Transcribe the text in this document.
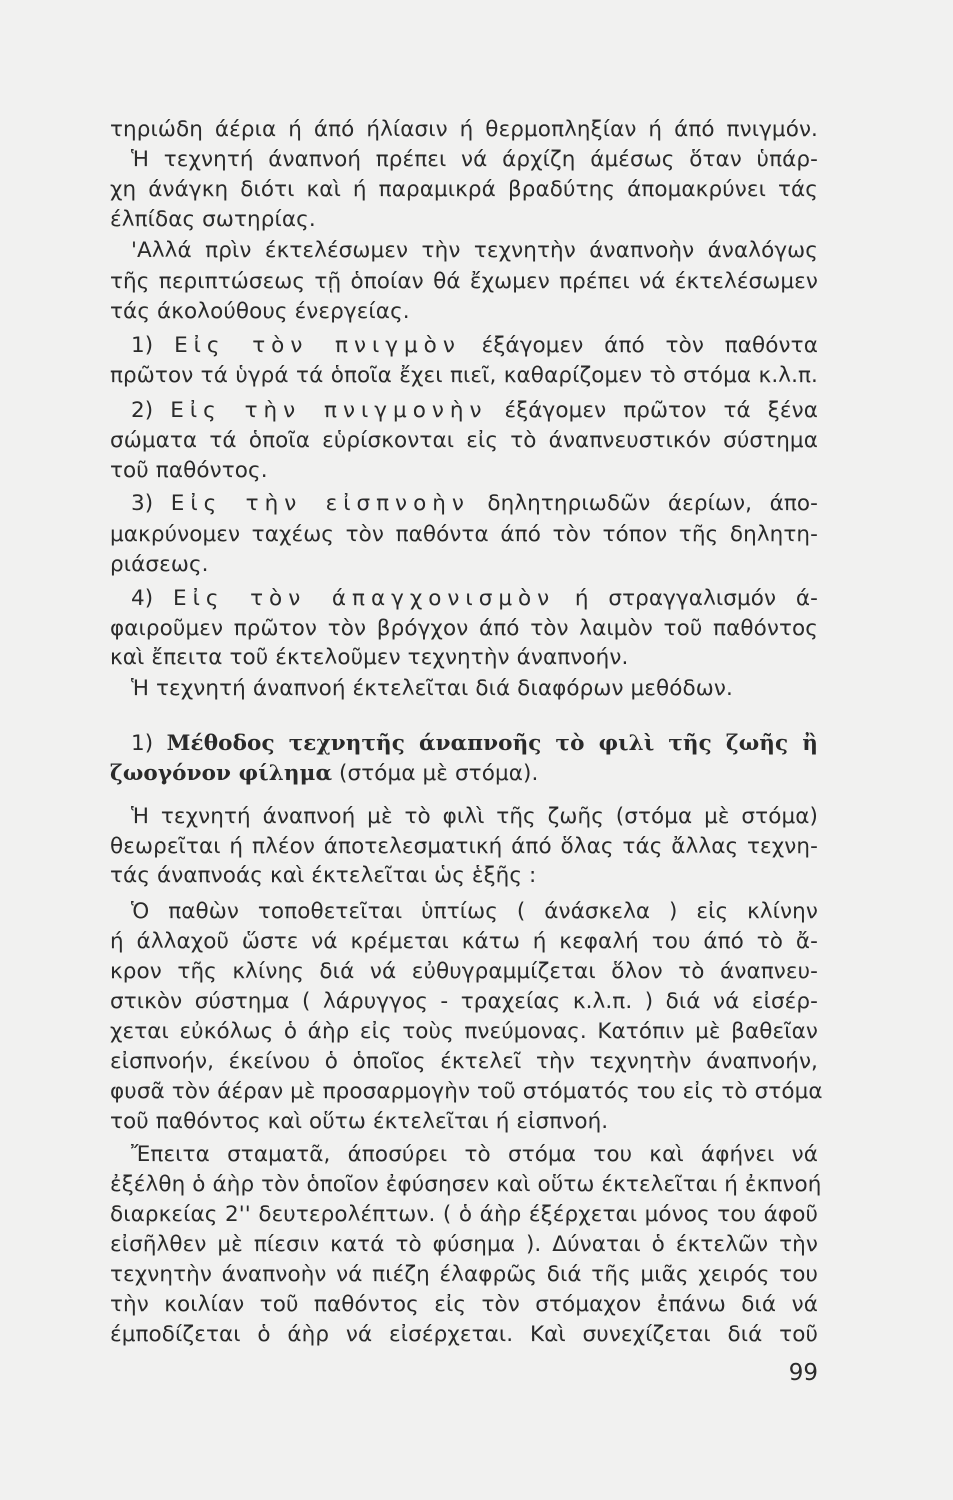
τηριώδη άέρια ή άπό ήλίασιν ή θερμοπληξίαν ή άπό πνιγμόν.
Ἡ τεχνητή άναπνοή πρέπει νά άρχίζη άμέσως ὅταν ὑπάρ-
χη άνάγκη διότι καὶ ή παραμικρά βραδύτης άπομακρύνει τάς
έλπίδας σωτηρίας.
'Αλλά πρὶν έκτελέσωμεν τὴν τεχνητὴν άναπνοὴν άναλόγως
τῆς περιπτώσεως τῇ ὁποίαν θά ἔχωμεν πρέπει νά έκτελέσωμεν
τάς άκολούθους ένεργείας.
1) Εἰς τὸν πνιγμὸν έξάγομεν άπό τὸν παθόντα
πρῶτον τά ὑγρά τά ὁποῖα ἔχει πιεῖ, καθαρίζομεν τὸ στόμα κ.λ.π.
2) Εἰς τὴν πνιγμονὴν έξάγομεν πρῶτον τά ξένα
σώματα τά ὁποῖα εὑρίσκονται εἰς τὸ άναπνευστικόν σύστημα
τοῦ παθόντος.
3) Εἰς τὴν εἰσπνοὴν δηλητηριωδῶν άερίων, άπο-
μακρύνομεν ταχέως τὸν παθόντα άπό τὸν τόπον τῆς δηλητη-
ριάσεως.
4) Εἰς τὸν άπαγχονισμὸν ή στραγγαλισμόν ά-
φαιροῦμεν πρῶτον τὸν βρόγχον άπό τὸν λαιμὸν τοῦ παθόντος
καὶ ἔπειτα τοῦ έκτελοῦμεν τεχνητὴν άναπνοήν.
Ἡ τεχνητή άναπνοή έκτελεῖται διά διαφόρων μεθόδων.
1) Μέθοδος τεχνητῆς άναπνοῆς τὸ φιλὶ τῆς ζωῆς ἢ
ζωογόνον φίλημα (στόμα μὲ στόμα).
Ἡ τεχνητή άναπνοή μὲ τὸ φιλὶ τῆς ζωῆς (στόμα μὲ στόμα)
θεωρεῖται ή πλέον άποτελεσματική άπό ὅλας τάς ἄλλας τεχνη-
τάς άναπνοάς καὶ έκτελεῖται ὡς ἑξῆς :
Ὁ παθὼν τοποθετεῖται ὑπτίως ( άνάσκελα ) εἰς κλίνην
ή άλλαχοῦ ὥστε νά κρέμεται κάτω ή κεφαλή του άπό τὸ ἄ-
κρον τῆς κλίνης διά νά εὐθυγραμμίζεται ὅλον τὸ άναπνευ-
στικὸν σύστημα ( λάρυγγος - τραχείας κ.λ.π. ) διά νά εἰσέρ-
χεται εὐκόλως ὁ άὴρ εἰς τοὺς πνεύμονας. Κατόπιν μὲ βαθεῖαν
εἰσπνοήν, έκείνου ὁ ὁποῖος έκτελεῖ τὴν τεχνητὴν άναπνοήν,
φυσᾶ τὸν άέραν μὲ προσαρμογὴν τοῦ στόματός του εἰς τὸ στόμα
τοῦ παθόντος καὶ οὕτω έκτελεῖται ή εἰσπνοή.
Ἔπειτα σταματᾶ, άποσύρει τὸ στόμα του καὶ άφήνει νά
ἐξέλθη ὁ άὴρ τὸν ὁποῖον ἐφύσησεν καὶ οὕτω έκτελεῖται ή ἐκπνοή
διαρκείας 2'' δευτερολέπτων. ( ὁ άὴρ έξέρχεται μόνος του άφοῦ
εἰσῆλθεν μὲ πίεσιν κατά τὸ φύσημα ). Δύναται ὁ έκτελῶν τὴν
τεχνητὴν άναπνοὴν νά πιέζη έλαφρῶς διά τῆς μιᾶς χειρός του
τὴν κοιλίαν τοῦ παθόντος εἰς τὸν στόμαχον ἐπάνω διά νά
έμποδίζεται ὁ άὴρ νά εἰσέρχεται. Καὶ συνεχίζεται διά τοῦ
99
